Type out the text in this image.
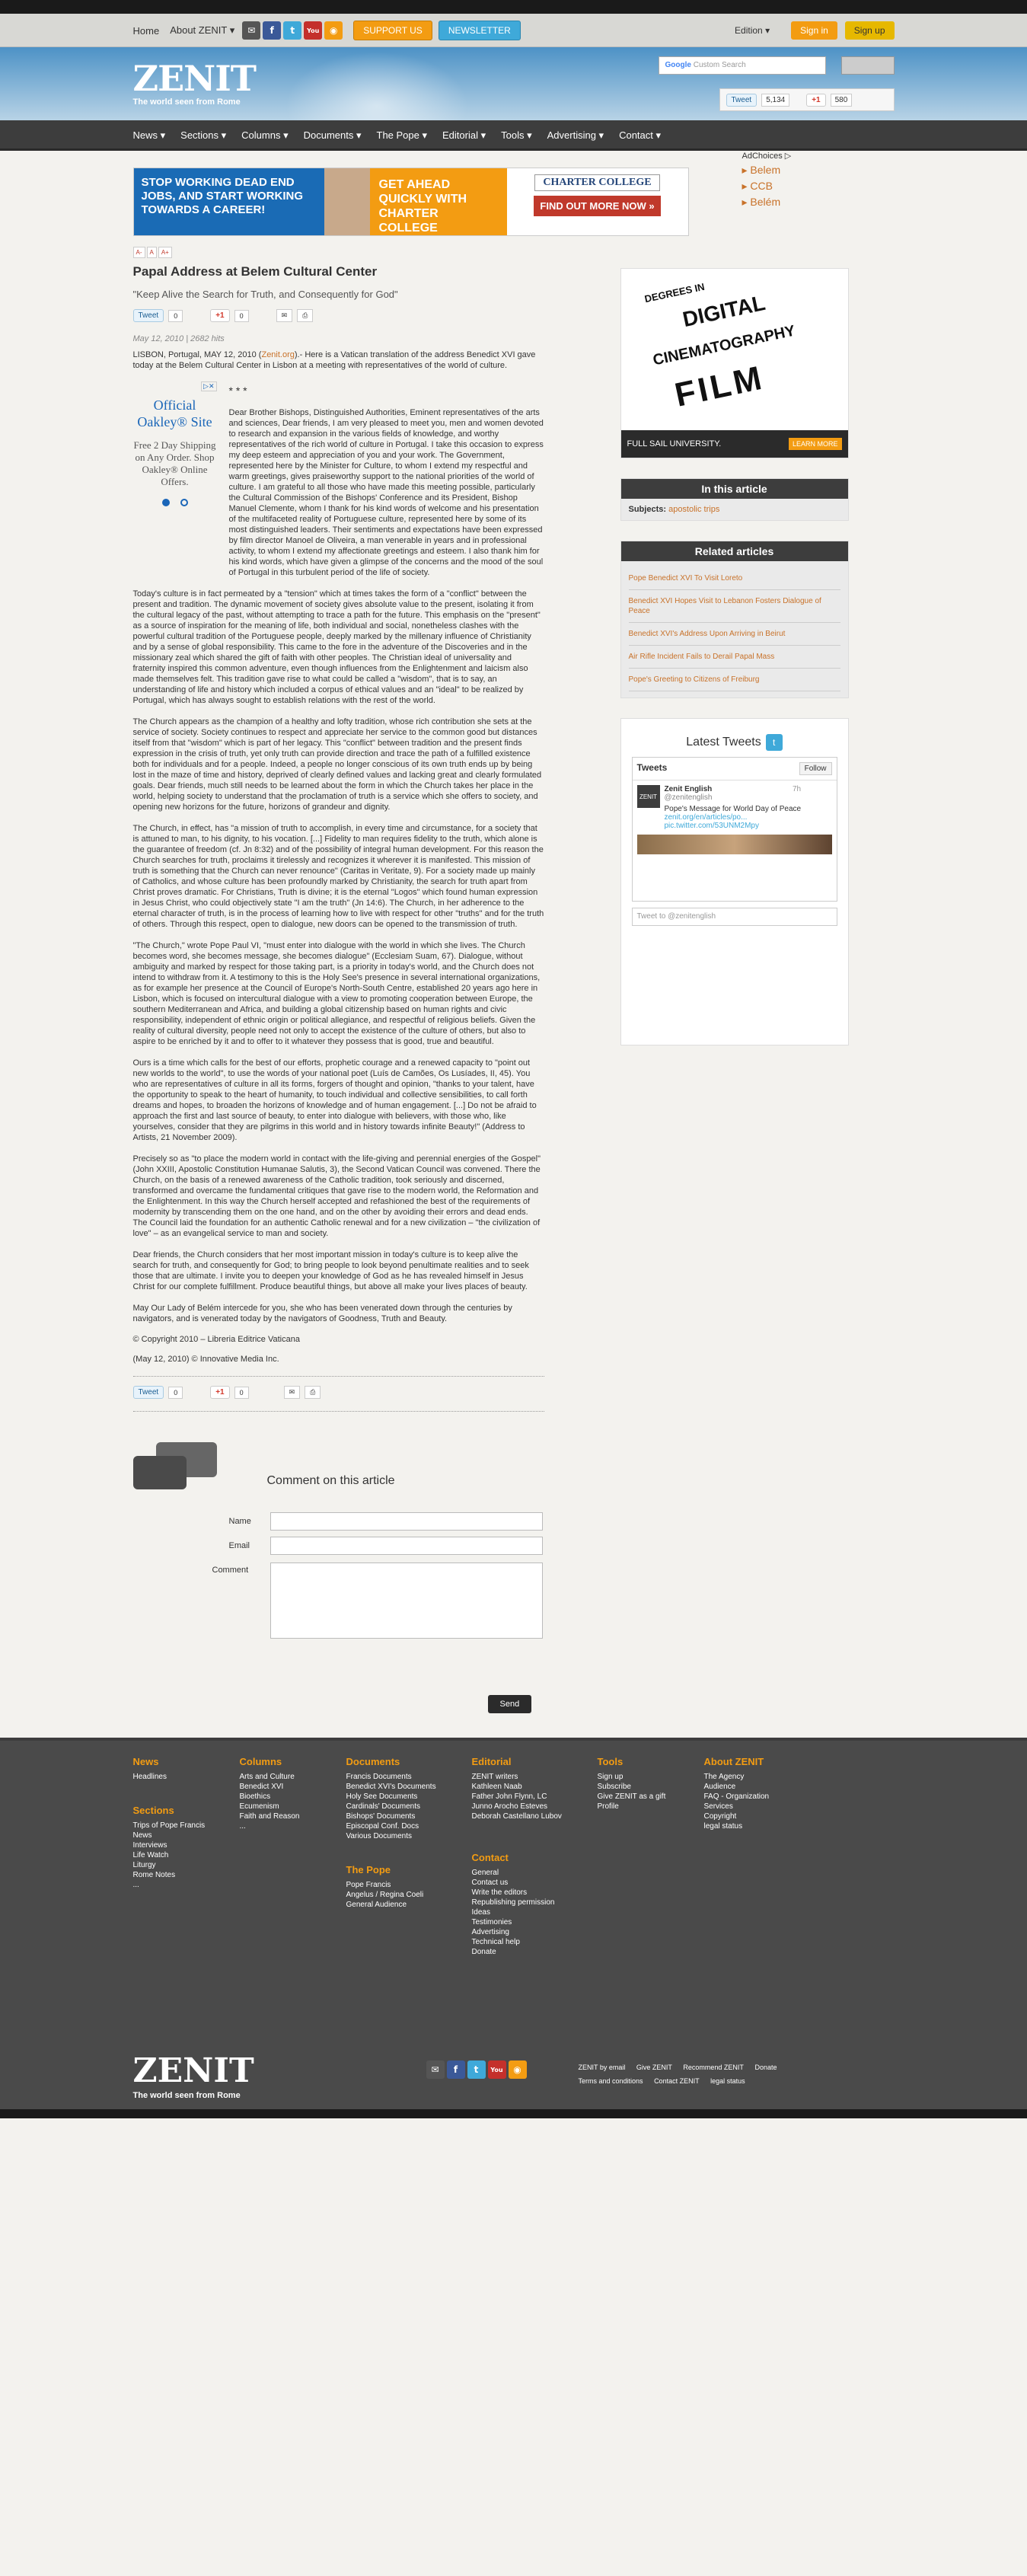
Home About ZENIT ▾	✉	f	t	You	◉	SUPPORT US	NEWSLETTER	Edition ▾	Sign in	Sign up
ZENIT
The world seen from Rome
Google Custom Search
Tweet	5,134	+1	580
News ▾ Sections ▾ Columns ▾ Documents ▾ The Pope ▾ Editorial ▾ Tools ▾ Advertising ▾ Contact ▾
STOP WORKING DEAD END JOBS, AND START WORKING TOWARDS A CAREER!
GET AHEAD QUICKLY WITH CHARTER COLLEGE
CHARTER COLLEGE
FIND OUT MORE NOW »
AdChoices ▷
▸ Belem
▸ CCB
▸ Belém
A-	A	A+
Papal Address at Belem Cultural Center
"Keep Alive the Search for Truth, and Consequently for God"
Tweet	0	+1	0	✉	⎙
May 12, 2010 | 2682 hits
LISBON, Portugal, MAY 12, 2010 (Zenit.org).- Here is a Vatican translation of the address Benedict XVI gave today at the Belem Cultural Center in Lisbon at a meeting with representatives of the world of culture.
▷✕
Official Oakley® Site
Free 2 Day Shipping on Any Order. Shop Oakley® Online Offers.
* * *
Dear Brother Bishops, Distinguished Authorities, Eminent representatives of the arts and sciences, Dear friends, I am very pleased to meet you, men and women devoted to research and expansion in the various fields of knowledge, and worthy representatives of the rich world of culture in Portugal. I take this occasion to express my deep esteem and appreciation of you and your work. The Government, represented here by the Minister for Culture, to whom I extend my respectful and warm greetings, gives praiseworthy support to the national priorities of the world of culture. I am grateful to all those who have made this meeting possible, particularly the Cultural Commission of the Bishops' Conference and its President, Bishop Manuel Clemente, whom I thank for his kind words of welcome and his presentation of the multifaceted reality of Portuguese culture, represented here by some of its most distinguished leaders. Their sentiments and expectations have been expressed by film director Manoel de Oliveira, a man venerable in years and in professional activity, to whom I extend my affectionate greetings and esteem. I also thank him for his kind words, which have given a glimpse of the concerns and the mood of the soul of Portugal in this turbulent period of the life of society.
Today's culture is in fact permeated by a "tension" which at times takes the form of a "conflict" between the present and tradition. The dynamic movement of society gives absolute value to the present, isolating it from the cultural legacy of the past, without attempting to trace a path for the future. This emphasis on the "present" as a source of inspiration for the meaning of life, both individual and social, nonetheless clashes with the powerful cultural tradition of the Portuguese people, deeply marked by the millenary influence of Christianity and by a sense of global responsibility. This came to the fore in the adventure of the Discoveries and in the missionary zeal which shared the gift of faith with other peoples. The Christian ideal of universality and fraternity inspired this common adventure, even though influences from the Enlightenment and laicism also made themselves felt. This tradition gave rise to what could be called a "wisdom", that is to say, an understanding of life and history which included a corpus of ethical values and an "ideal" to be realized by Portugal, which has always sought to establish relations with the rest of the world.
The Church appears as the champion of a healthy and lofty tradition, whose rich contribution she sets at the service of society. Society continues to respect and appreciate her service to the common good but distances itself from that "wisdom" which is part of her legacy. This "conflict" between tradition and the present finds expression in the crisis of truth, yet only truth can provide direction and trace the path of a fulfilled existence both for individuals and for a people. Indeed, a people no longer conscious of its own truth ends up by being lost in the maze of time and history, deprived of clearly defined values and lacking great and clearly formulated goals. Dear friends, much still needs to be learned about the form in which the Church takes her place in the world, helping society to understand that the proclamation of truth is a service which she offers to society, and opening new horizons for the future, horizons of grandeur and dignity.
The Church, in effect, has "a mission of truth to accomplish, in every time and circumstance, for a society that is attuned to man, to his dignity, to his vocation. [...] Fidelity to man requires fidelity to the truth, which alone is the guarantee of freedom (cf. Jn 8:32) and of the possibility of integral human development. For this reason the Church searches for truth, proclaims it tirelessly and recognizes it wherever it is manifested. This mission of truth is something that the Church can never renounce" (Caritas in Veritate, 9). For a society made up mainly of Catholics, and whose culture has been profoundly marked by Christianity, the search for truth apart from Christ proves dramatic. For Christians, Truth is divine; it is the eternal "Logos" which found human expression in Jesus Christ, who could objectively state "I am the truth" (Jn 14:6). The Church, in her adherence to the eternal character of truth, is in the process of learning how to live with respect for other "truths" and for the truth of others. Through this respect, open to dialogue, new doors can be opened to the transmission of truth.
"The Church," wrote Pope Paul VI, "must enter into dialogue with the world in which she lives. The Church becomes word, she becomes message, she becomes dialogue" (Ecclesiam Suam, 67). Dialogue, without ambiguity and marked by respect for those taking part, is a priority in today's world, and the Church does not intend to withdraw from it. A testimony to this is the Holy See's presence in several international organizations, as for example her presence at the Council of Europe's North-South Centre, established 20 years ago here in Lisbon, which is focused on intercultural dialogue with a view to promoting cooperation between Europe, the southern Mediterranean and Africa, and building a global citizenship based on human rights and civic responsibility, independent of ethnic origin or political allegiance, and respectful of religious beliefs. Given the reality of cultural diversity, people need not only to accept the existence of the culture of others, but also to aspire to be enriched by it and to offer to it whatever they possess that is good, true and beautiful.
Ours is a time which calls for the best of our efforts, prophetic courage and a renewed capacity to "point out new worlds to the world", to use the words of your national poet (Luís de Camões, Os Lusíades, II, 45). You who are representatives of culture in all its forms, forgers of thought and opinion, "thanks to your talent, have the opportunity to speak to the heart of humanity, to touch individual and collective sensibilities, to call forth dreams and hopes, to broaden the horizons of knowledge and of human engagement. [...] Do not be afraid to approach the first and last source of beauty, to enter into dialogue with believers, with those who, like yourselves, consider that they are pilgrims in this world and in history towards infinite Beauty!" (Address to Artists, 21 November 2009).
Precisely so as "to place the modern world in contact with the life-giving and perennial energies of the Gospel" (John XXIII, Apostolic Constitution Humanae Salutis, 3), the Second Vatican Council was convened. There the Church, on the basis of a renewed awareness of the Catholic tradition, took seriously and discerned, transformed and overcame the fundamental critiques that gave rise to the modern world, the Reformation and the Enlightenment. In this way the Church herself accepted and refashioned the best of the requirements of modernity by transcending them on the one hand, and on the other by avoiding their errors and dead ends. The Council laid the foundation for an authentic Catholic renewal and for a new civilization – "the civilization of love" – as an evangelical service to man and society.
Dear friends, the Church considers that her most important mission in today's culture is to keep alive the search for truth, and consequently for God; to bring people to look beyond penultimate realities and to seek those that are ultimate. I invite you to deepen your knowledge of God as he has revealed himself in Jesus Christ for our complete fulfillment. Produce beautiful things, but above all make your lives places of beauty.
May Our Lady of Belém intercede for you, she who has been venerated down through the centuries by navigators, and is venerated today by the navigators of Goodness, Truth and Beauty.
© Copyright 2010 – Libreria Editrice Vaticana
(May 12, 2010) © Innovative Media Inc.
Tweet	0	+1	0	✉	⎙
Comment on this article
Name
Email
Comment
Send
DEGREES IN
DIGITAL
CINEMATOGRAPHY
FILM
FULL SAIL UNIVERSITY.	LEARN MORE
In this article
Subjects: apostolic trips
Related articles
Pope Benedict XVI To Visit Loreto
Benedict XVI Hopes Visit to Lebanon Fosters Dialogue of Peace
Benedict XVI's Address Upon Arriving in Beirut
Air Rifle Incident Fails to Derail Papal Mass
Pope's Greeting to Citizens of Freiburg
Latest Tweets	t
Tweets	Follow
ZENIT
Zenit English	7h
@zenitenglish
Pope's Message for World Day of Peace
zenit.org/en/articles/po...
pic.twitter.com/53UNM2Mpy
Tweet to @zenitenglish
News
Headlines
Sections
Trips of Pope Francis
News
Interviews
Life Watch
Liturgy
Rome Notes
...
Columns
Arts and Culture
Benedict XVI
Bioethics
Ecumenism
Faith and Reason
...
Documents
Francis Documents
Benedict XVI's Documents
Holy See Documents
Cardinals' Documents
Bishops' Documents
Episcopal Conf. Docs
Various Documents
The Pope
Pope Francis
Angelus / Regina Coeli
General Audience
Editorial
ZENIT writers
Kathleen Naab
Father John Flynn, LC
Junno Arocho Esteves
Deborah Castellano Lubov
Contact
General
Contact us
Write the editors
Republishing permission
Ideas
Testimonies
Advertising
Technical help
Donate
Tools
Sign up
Subscribe
Give ZENIT as a gift
Profile
About ZENIT
The Agency
Audience
FAQ - Organization
Services
Copyright
legal status
ZENIT
The world seen from Rome
✉	f	t	You	◉	ZENIT by email Give ZENIT Recommend ZENIT Donate
Terms and conditions Contact ZENIT legal status
